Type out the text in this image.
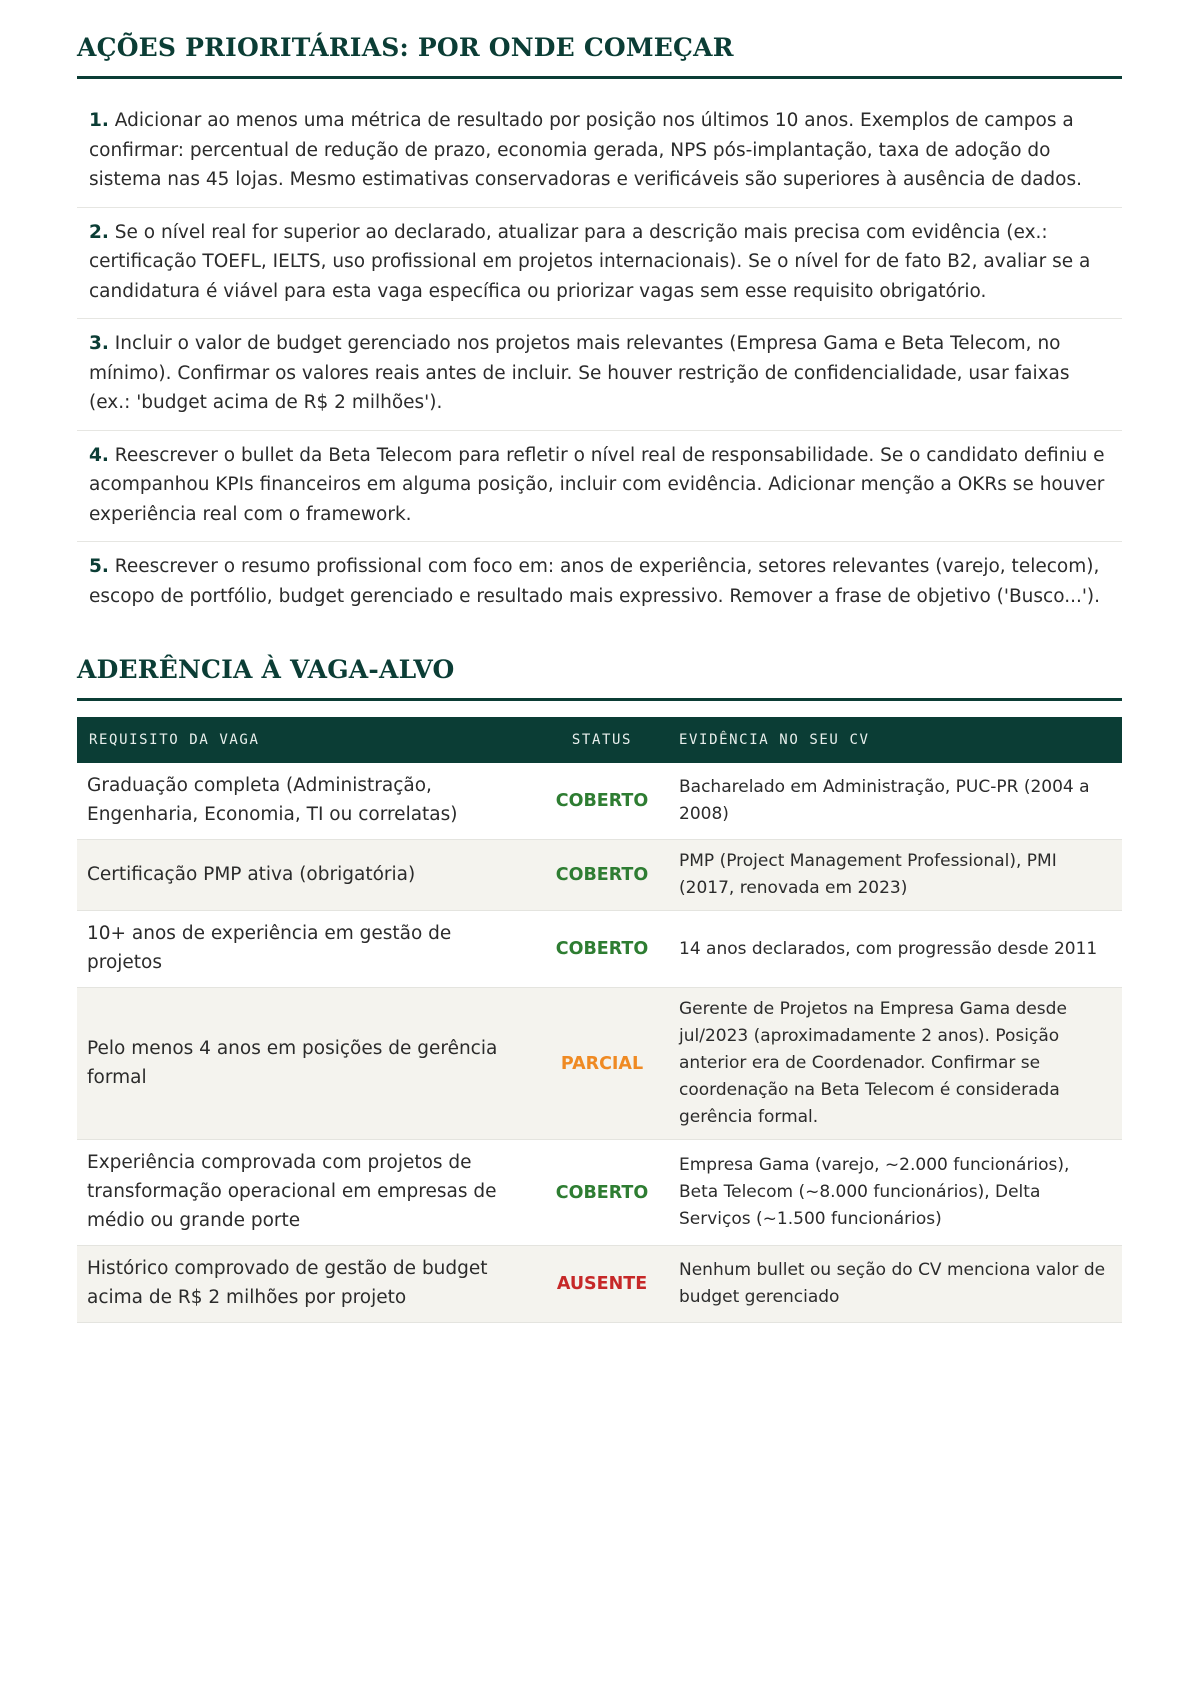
AÇÕES PRIORITÁRIAS: POR ONDE COMEÇAR
1. Adicionar ao menos uma métrica de resultado por posição nos últimos 10 anos. Exemplos de campos a confirmar: percentual de redução de prazo, economia gerada, NPS pós-implantação, taxa de adoção do sistema nas 45 lojas. Mesmo estimativas conservadoras e verificáveis são superiores à ausência de dados.
2. Se o nível real for superior ao declarado, atualizar para a descrição mais precisa com evidência (ex.: certificação TOEFL, IELTS, uso profissional em projetos internacionais). Se o nível for de fato B2, avaliar se a candidatura é viável para esta vaga específica ou priorizar vagas sem esse requisito obrigatório.
3. Incluir o valor de budget gerenciado nos projetos mais relevantes (Empresa Gama e Beta Telecom, no mínimo). Confirmar os valores reais antes de incluir. Se houver restrição de confidencialidade, usar faixas (ex.: 'budget acima de R$ 2 milhões').
4. Reescrever o bullet da Beta Telecom para refletir o nível real de responsabilidade. Se o candidato definiu e acompanhou KPIs financeiros em alguma posição, incluir com evidência. Adicionar menção a OKRs se houver experiência real com o framework.
5. Reescrever o resumo profissional com foco em: anos de experiência, setores relevantes (varejo, telecom), escopo de portfólio, budget gerenciado e resultado mais expressivo. Remover a frase de objetivo ('Busco...').
ADERÊNCIA À VAGA-ALVO
REQUISITO DA VAGA	STATUS	EVIDÊNCIA NO SEU CV
Graduação completa (Administração, Engenharia, Economia, TI ou correlatas)	COBERTO	Bacharelado em Administração, PUC-PR (2004 a 2008)
Certificação PMP ativa (obrigatória)	COBERTO	PMP (Project Management Professional), PMI (2017, renovada em 2023)
10+ anos de experiência em gestão de projetos	COBERTO	14 anos declarados, com progressão desde 2011
Pelo menos 4 anos em posições de gerência formal	PARCIAL	Gerente de Projetos na Empresa Gama desde jul/2023 (aproximadamente 2 anos). Posição anterior era de Coordenador. Confirmar se coordenação na Beta Telecom é considerada gerência formal.
Experiência comprovada com projetos de transformação operacional em empresas de médio ou grande porte	COBERTO	Empresa Gama (varejo, ~2.000 funcionários), Beta Telecom (~8.000 funcionários), Delta Serviços (~1.500 funcionários)
Histórico comprovado de gestão de budget acima de R$ 2 milhões por projeto	AUSENTE	Nenhum bullet ou seção do CV menciona valor de budget gerenciado
